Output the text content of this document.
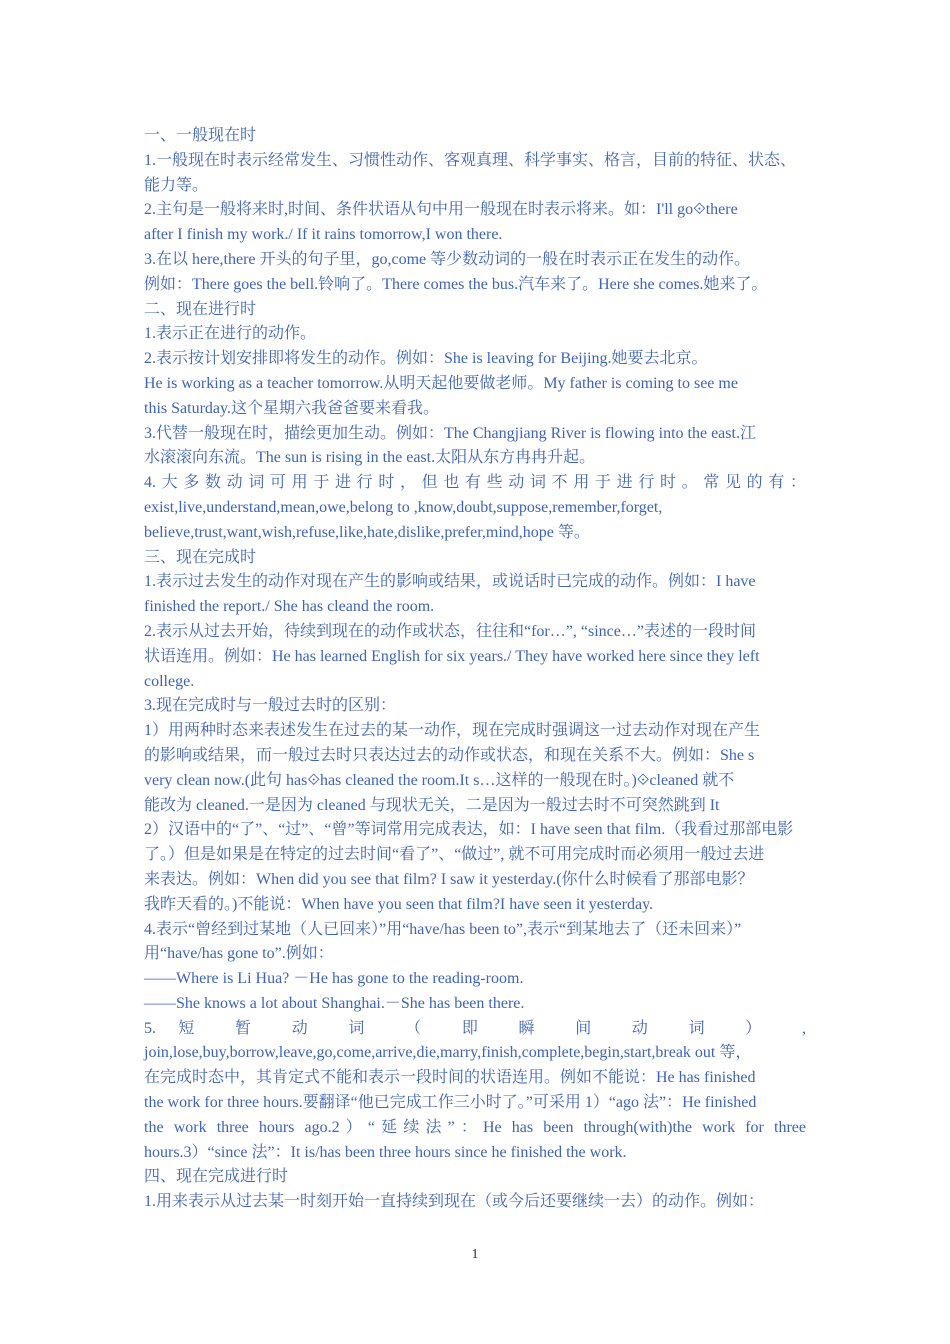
一、一般现在时
1.一般现在时表示经常发生、习惯性动作、客观真理、科学事实、格言，目前的特征、状态、
能力等。
2.主句是一般将来时,时间、条件状语从句中用一般现在时表示将来。如：I'll go⟐there
after I finish my work./ If it rains tomorrow,I won there.
3.在以 here,there 开头的句子里，go,come 等少数动词的一般在时表示正在发生的动作。
例如：There goes the bell.铃响了。There comes the bus.汽车来了。Here she comes.她来了。
二、现在进行时
1.表示正在进行的动作。
2.表示按计划安排即将发生的动作。例如：She is leaving for Beijing.她要去北京。
He is working as a teacher tomorrow.从明天起他要做老师。My father is coming to see me
this Saturday.这个星期六我爸爸要来看我。
3.代替一般现在时，描绘更加生动。例如：The Changjiang River is flowing into the east.江
水滚滚向东流。The sun is rising in the east.太阳从东方冉冉升起。
4.大多数动词可用于进行时，但也有些动词不用于进行时。常见的有：
exist,live,understand,mean,owe,belong to ,know,doubt,suppose,remember,forget,
believe,trust,want,wish,refuse,like,hate,dislike,prefer,mind,hope 等。
三、现在完成时
1.表示过去发生的动作对现在产生的影响或结果，或说话时已完成的动作。例如：I have
finished the report./ She has cleand the room.
2.表示从过去开始，待续到现在的动作或状态，往往和“for…”, “since…”表述的一段时间
状语连用。例如：He has learned English for six years./ They have worked here since they left
college.
3.现在完成时与一般过去时的区别：
1）用两种时态来表述发生在过去的某一动作，现在完成时强调这一过去动作对现在产生
的影响或结果，而一般过去时只表达过去的动作或状态，和现在关系不大。例如：She s
very clean now.(此句 has⟐has cleaned the room.It s…这样的一般现在时。)⟐cleaned 就不
能改为 cleaned.一是因为 cleaned 与现状无关，二是因为一般过去时不可突然跳到 It
2）汉语中的“了”、“过”、“曾”等词常用完成表达，如：I have seen that film.（我看过那部电影
了。）但是如果是在特定的过去时间“看了”、“做过”, 就不可用完成时而必须用一般过去进
来表达。例如：When did you see that film? I saw it yesterday.(你什么时候看了那部电影？
我昨天看的。)不能说：When have you seen that film?I have seen it yesterday.
4.表示“曾经到过某地（人已回来）”用“have/has been to”,表示“到某地去了（还未回来）”
用“have/has gone to”.例如：
——Where is Li Hua? －He has gone to the reading-room.
——She knows a lot about Shanghai.－She has been there.
5. 短 暂 动 词 （ 即 瞬 间 动 词 ） ,
join,lose,buy,borrow,leave,go,come,arrive,die,marry,finish,complete,begin,start,break out 等，
在完成时态中，其肯定式不能和表示一段时间的状语连用。例如不能说：He has finished
the work for three hours.要翻译“他已完成工作三小时了。”可采用 1）“ago 法”：He finished
the work three hours ago.2）“延续法”：He has been through(with)the work for three
hours.3）“since 法”：It is/has been three hours since he finished the work.
四、现在完成进行时
1.用来表示从过去某一时刻开始一直持续到现在（或今后还要继续一去）的动作。例如：
1
